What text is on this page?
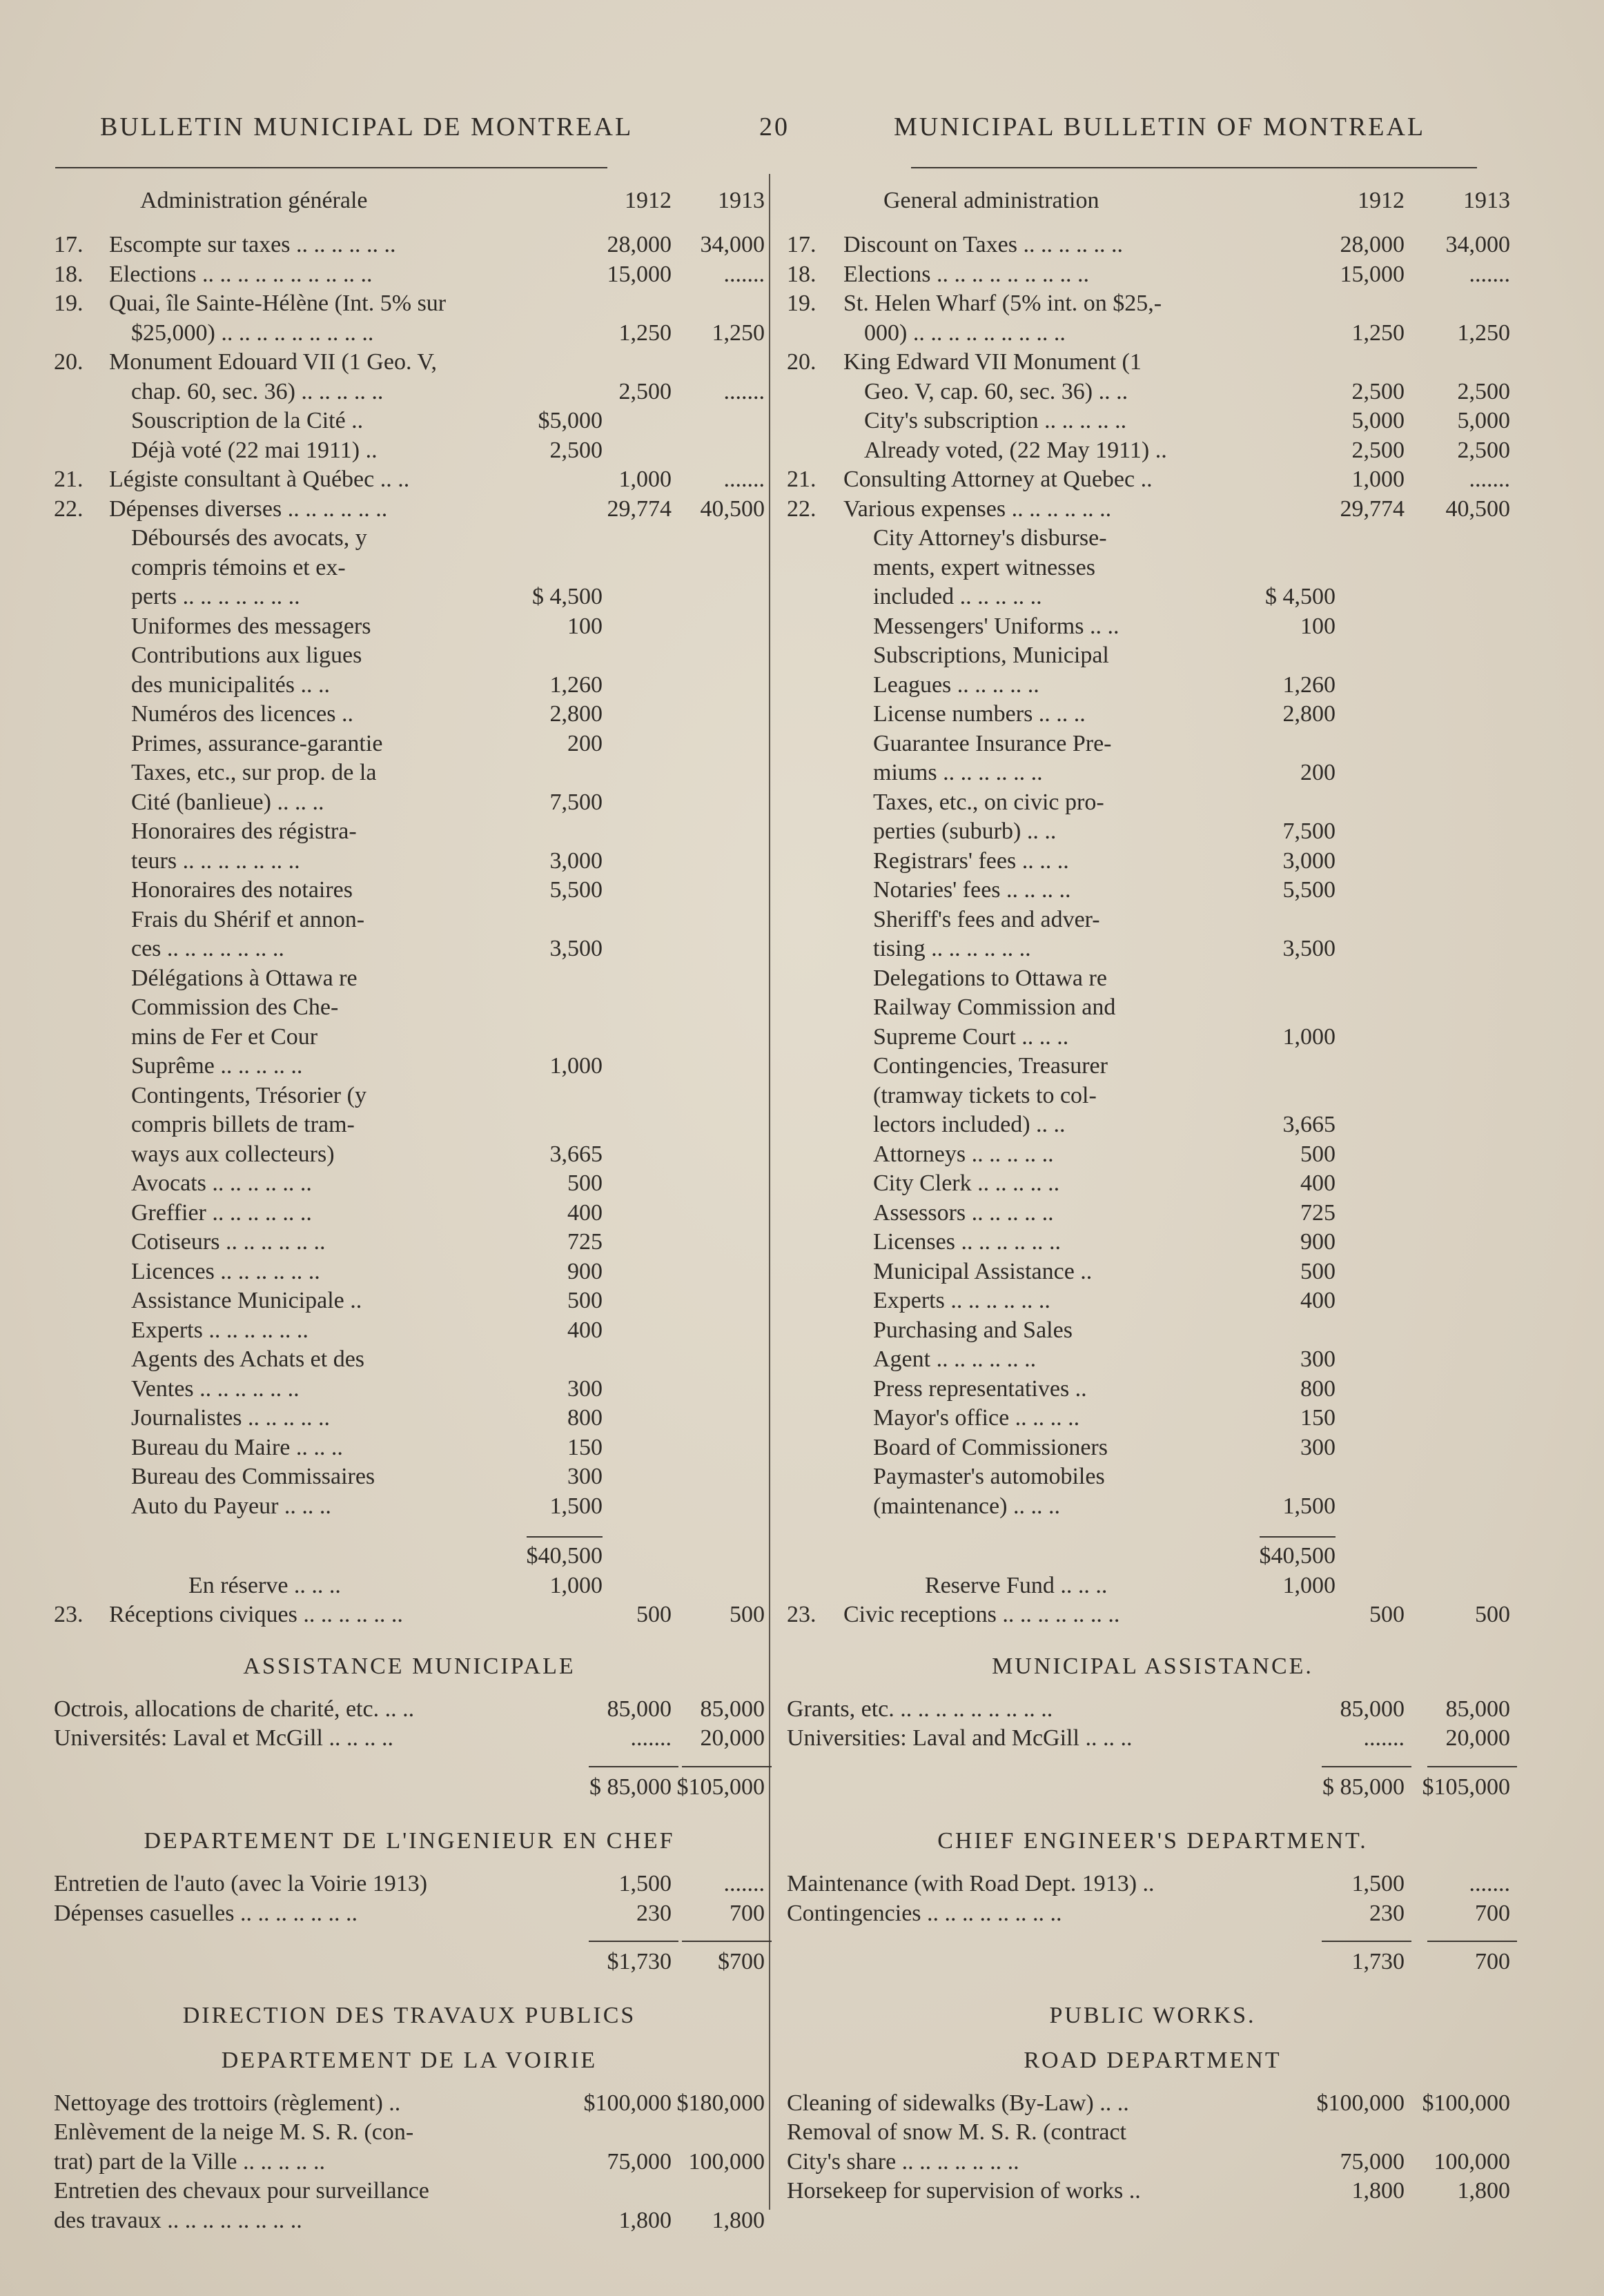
BULLETIN MUNICIPAL DE MONTREAL	20	MUNICIPAL BULLETIN OF MONTREAL
Administration générale	1912 1913
17. Escompte sur taxes .. .. .. .. .. ..	28,000 34,000
18. Elections .. .. .. .. .. .. .. .. .. ..	15,000 .......
19. Quai, île Sainte-Hélène (Int. 5% sur
$25,000) .. .. .. .. .. .. .. .. ..	1,250 1,250
20. Monument Edouard VII (1 Geo. V,
chap. 60, sec. 36) .. .. .. .. ..	2,500 .......
Souscription de la Cité ..	$5,000
Déjà voté (22 mai 1911) ..	2,500
21. Légiste consultant à Québec .. ..	1,000 .......
22. Dépenses diverses .. .. .. .. .. ..	29,774 40,500
Déboursés des avocats, y
compris témoins et ex-
perts .. .. .. .. .. .. ..	$ 4,500
Uniformes des messagers	100
Contributions aux ligues
des municipalités .. ..	1,260
Numéros des licences ..	2,800
Primes, assurance-garantie	200
Taxes, etc., sur prop. de la
Cité (banlieue) .. .. ..	7,500
Honoraires des régistra-
teurs .. .. .. .. .. .. ..	3,000
Honoraires des notaires	5,500
Frais du Shérif et annon-
ces .. .. .. .. .. .. ..	3,500
Délégations à Ottawa re
Commission des Che-
mins de Fer et Cour
Suprême .. .. .. .. ..	1,000
Contingents, Trésorier (y
compris billets de tram-
ways aux collecteurs)	3,665
Avocats .. .. .. .. .. ..	500
Greffier .. .. .. .. .. ..	400
Cotiseurs .. .. .. .. .. ..	725
Licences .. .. .. .. .. ..	900
Assistance Municipale ..	500
Experts .. .. .. .. .. ..	400
Agents des Achats et des
Ventes .. .. .. .. .. ..	300
Journalistes .. .. .. .. ..	800
Bureau du Maire .. .. ..	150
Bureau des Commissaires	300
Auto du Payeur .. .. ..	1,500
$40,500
En réserve .. .. ..	1,000
23. Réceptions civiques .. .. .. .. .. ..	500 500
ASSISTANCE MUNICIPALE
Octrois, allocations de charité, etc. .. ..	85,000 85,000
Universités: Laval et McGill .. .. .. ..	....... 20,000
$ 85,000 $105,000
DEPARTEMENT DE L'INGENIEUR EN CHEF
Entretien de l'auto (avec la Voirie 1913)	1,500 .......
Dépenses casuelles .. .. .. .. .. .. ..	230 700
$1,730 $700
DIRECTION DES TRAVAUX PUBLICS
DEPARTEMENT DE LA VOIRIE
Nettoyage des trottoirs (règlement) ..	$100,000 $180,000
Enlèvement de la neige M. S. R. (con-
trat) part de la Ville .. .. .. .. ..	75,000 100,000
Entretien des chevaux pour surveillance
des travaux .. .. .. .. .. .. .. ..	1,800 1,800
General administration	1912	1913
17. Discount on Taxes .. .. .. .. .. ..	28,000 34,000
18. Elections .. .. .. .. .. .. .. .. ..	15,000	.......
19. St. Helen Wharf (5% int. on $25,-
000) .. .. .. .. .. .. .. .. ..	1,250 1,250
20. King Edward VII Monument (1
Geo. V, cap. 60, sec. 36) .. ..	2,500 2,500
City's subscription .. .. .. .. ..	5,000 5,000
Already voted, (22 May 1911) ..	2,500 2,500
21. Consulting Attorney at Quebec ..	1,000	.......
22. Various expenses .. .. .. .. .. ..	29,774 40,500
City Attorney's disburse-
ments, expert witnesses
included .. .. .. .. ..	$ 4,500
Messengers' Uniforms .. ..	100
Subscriptions, Municipal
Leagues .. .. .. .. ..	1,260
License numbers .. .. ..	2,800
Guarantee Insurance Pre-
miums .. .. .. .. .. ..	200
Taxes, etc., on civic pro-
perties (suburb) .. ..	7,500
Registrars' fees .. .. ..	3,000
Notaries' fees .. .. .. ..	5,500
Sheriff's fees and adver-
tising .. .. .. .. .. ..	3,500
Delegations to Ottawa re
Railway Commission and
Supreme Court .. .. ..	1,000
Contingencies, Treasurer
(tramway tickets to col-
lectors included) .. ..	3,665
Attorneys .. .. .. .. ..	500
City Clerk .. .. .. .. ..	400
Assessors .. .. .. .. ..	725
Licenses .. .. .. .. .. ..	900
Municipal Assistance ..	500
Experts .. .. .. .. .. ..	400
Purchasing and Sales
Agent .. .. .. .. .. ..	300
Press representatives ..	800
Mayor's office .. .. .. ..	150
Board of Commissioners	300
Paymaster's automobiles
(maintenance) .. .. ..	1,500
$40,500
Reserve Fund .. .. ..	1,000
23. Civic receptions .. .. .. .. .. .. ..	500	500
MUNICIPAL ASSISTANCE.
Grants, etc. .. .. .. .. .. .. .. .. ..	85,000 85,000
Universities: Laval and McGill .. .. ..	....... 20,000
$ 85,000 $105,000
CHIEF ENGINEER'S DEPARTMENT.
Maintenance (with Road Dept. 1913) ..	1,500	.......
Contingencies .. .. .. .. .. .. .. ..	230	700
1,730	700
PUBLIC WORKS.
ROAD DEPARTMENT
Cleaning of sidewalks (By-Law) .. ..	$100,000 $100,000
Removal of snow M. S. R. (contract
City's share .. .. .. .. .. .. ..	75,000 100,000
Horsekeep for supervision of works ..	1,800 1,800
